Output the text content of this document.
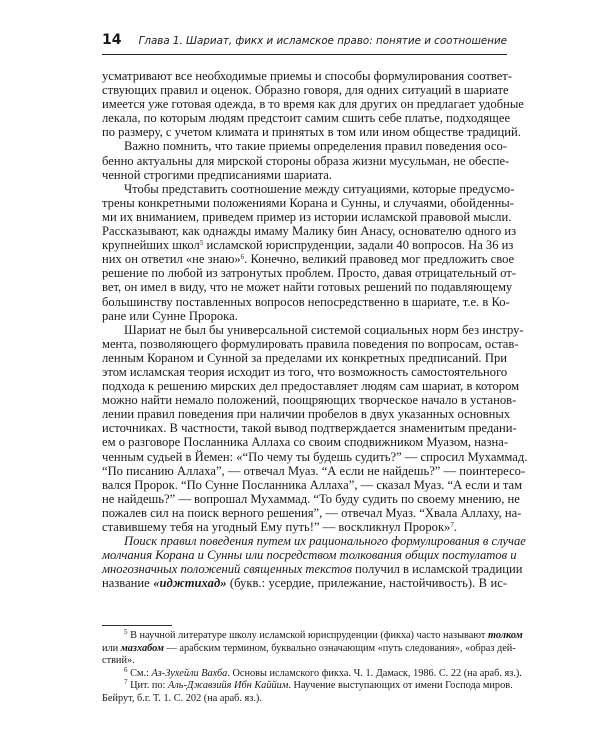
14 Глава 1. Шариат, фикх и исламское право: понятие и соотношение
усматривают все необходимые приемы и способы формулирования соответ-
ствующих правил и оценок. Образно говоря, для одних ситуаций в шариате
имеется уже готовая одежда, в то время как для других он предлагает удобные
лекала, по которым людям предстоит самим сшить себе платье, подходящее
по размеру, с учетом климата и принятых в том или ином обществе традиций.
Важно помнить, что такие приемы определения правил поведения осо-
бенно актуальны для мирской стороны образа жизни мусульман, не обеспе-
ченной строгими предписаниями шариата.
Чтобы представить соотношение между ситуациями, которые предусмо-
трены конкретными положениями Корана и Сунны, и случаями, обойденны-
ми их вниманием, приведем пример из истории исламской правовой мысли.
Рассказывают, как однажды имаму Малику бин Анасу, основателю одного из
крупнейших школ$^5$ исламской юриспруденции, задали 40 вопросов. На 36 из
них он ответил «не знаю»$^6$. Конечно, великий правовед мог предложить свое
решение по любой из затронутых проблем. Просто, давая отрицательный от-
вет, он имел в виду, что не может найти готовых решений по подавляющему
большинству поставленных вопросов непосредственно в шариате, т.е. в Ко-
ране или Сунне Пророка.
Шариат не был бы универсальной системой социальных норм без инстру-
мента, позволяющего формулировать правила поведения по вопросам, остав-
ленным Кораном и Сунной за пределами их конкретных предписаний. При
этом исламская теория исходит из того, что возможность самостоятельного
подхода к решению мирских дел предоставляет людям сам шариат, в котором
можно найти немало положений, поощряющих творческое начало в установ-
лении правил поведения при наличии пробелов в двух указанных основных
источниках. В частности, такой вывод подтверждается знаменитым предани-
ем о разговоре Посланника Аллаха со своим сподвижником Муазом, назна-
ченным судьей в Йемен: «“По чему ты будешь судить?” — спросил Мухаммад.
“По писанию Аллаха”, — отвечал Муаз. “А если не найдешь?” — поинтересо-
вался Пророк. “По Сунне Посланника Аллаха”, — сказал Муаз. “А если и там
не найдешь?” — вопрошал Мухаммад. “То буду судить по своему мнению, не
пожалев сил на поиск верного решения”, — отвечал Муаз. “Хвала Аллаху, на-
ставившему тебя на угодный Ему путь!” — воскликнул Пророк»$^7$.
Поиск правил поведения путем их рационального формулирования в случае
молчания Корана и Сунны или посредством толкования общих постулатов и
многозначных положений священных текстов получил в исламской традиции
название «иджтихад» (букв.: усердие, прилежание, настойчивость). В ис-
$^5$ В научной литературе школу исламской юриспруденции (фикха) часто называют толком
или мазхабом — арабским термином, буквально означающим «путь следования», «образ дей-
ствий».
$^6$ См.: Аз-Зухейли Вахба. Основы исламского фикха. Ч. 1. Дамаск, 1986. С. 22 (на араб. яз.).
$^7$ Цит. по: Аль-Джавзийя Ибн Каййим. Научение выступающих от имени Господа миров.
Бейрут, б.г. Т. 1. С. 202 (на араб. яз.).
